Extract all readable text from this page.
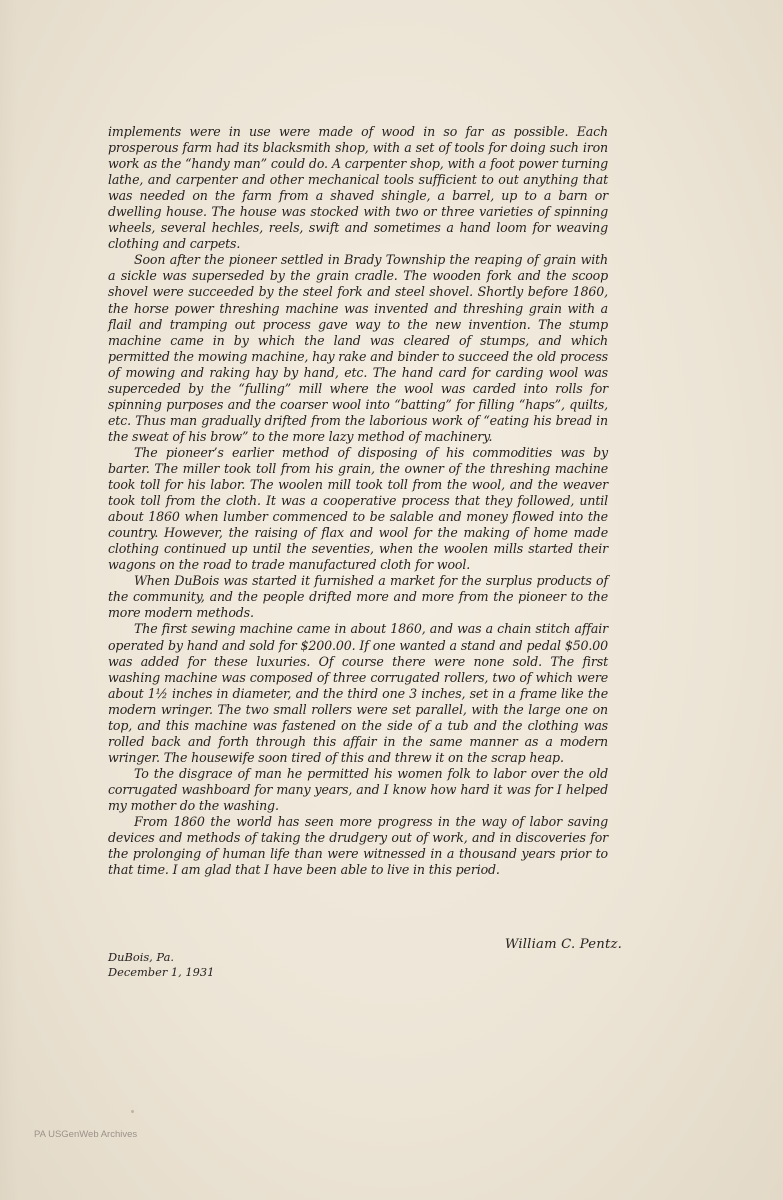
implements were in use were made of wood in so far as possible. Each prosperous farm had its blacksmith shop, with a set of tools for doing such iron work as the “handy man” could do. A carpenter shop, with a foot power turning lathe, and carpenter and other mechanical tools sufficient to out anything that was needed on the farm from a shaved shingle, a barrel, up to a barn or dwelling house. The house was stocked with two or three varieties of spinning wheels, several hechles, reels, swift and sometimes a hand loom for weaving clothing and carpets.

Soon after the pioneer settled in Brady Township the reaping of grain with a sickle was superseded by the grain cradle. The wooden fork and the scoop shovel were succeeded by the steel fork and steel shovel. Shortly before 1860, the horse power threshing machine was invented and threshing grain with a flail and tramping out process gave way to the new invention. The stump machine came in by which the land was cleared of stumps, and which permitted the mowing machine, hay rake and binder to succeed the old process of mowing and raking hay by hand, etc. The hand card for carding wool was superceded by the “fulling” mill where the wool was carded into rolls for spinning purposes and the coarser wool into “batting” for filling “haps”, quilts, etc. Thus man gradually drifted from the laborious work of “eating his bread in the sweat of his brow” to the more lazy method of machinery.

The pioneer’s earlier method of disposing of his commodities was by barter. The miller took toll from his grain, the owner of the threshing machine took toll for his labor. The woolen mill took toll from the wool, and the weaver took toll from the cloth. It was a cooperative process that they followed, until about 1860 when lumber commenced to be salable and money flowed into the country. However, the raising of flax and wool for the making of home made clothing continued up until the seventies, when the woolen mills started their wagons on the road to trade manufactured cloth for wool.

When DuBois was started it furnished a market for the surplus products of the community, and the people drifted more and more from the pioneer to the more modern methods.

The first sewing machine came in about 1860, and was a chain stitch affair operated by hand and sold for $200.00. If one wanted a stand and pedal $50.00 was added for these luxuries. Of course there were none sold. The first washing machine was composed of three corrugated rollers, two of which were about 1½ inches in diameter, and the third one 3 inches, set in a frame like the modern wringer. The two small rollers were set parallel, with the large one on top, and this machine was fastened on the side of a tub and the clothing was rolled back and forth through this affair in the same manner as a modern wringer. The housewife soon tired of this and threw it on the scrap heap.

To the disgrace of man he permitted his women folk to labor over the old corrugated washboard for many years, and I know how hard it was for I helped my mother do the washing.

From 1860 the world has seen more progress in the way of labor saving devices and methods of taking the drudgery out of work, and in discoveries for the prolonging of human life than were witnessed in a thousand years prior to that time. I am glad that I have been able to live in this period.

William C. Pentz.
DuBois, Pa.
December 1, 1931
PA USGenWeb Archives
